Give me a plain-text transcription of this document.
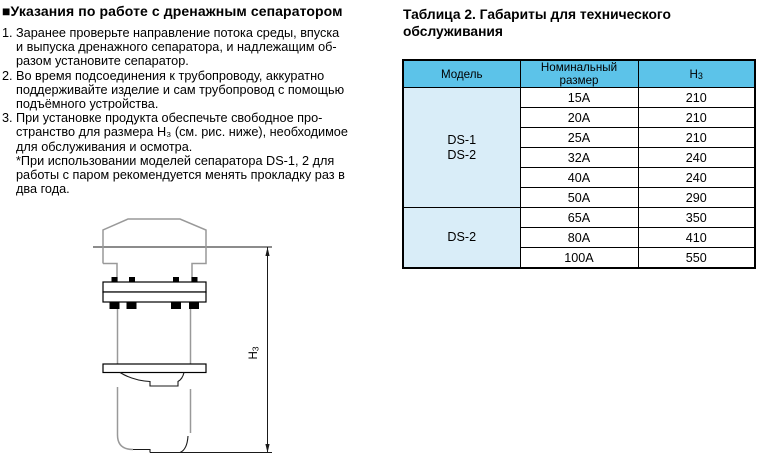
■Указания по работе с дренажным сепаратором
1. Заранее проверьте направление потока среды, впуска
и выпуска дренажного сепаратора, и надлежащим об-
разом установите сепаратор.
2. Во время подсоединения к трубопроводу, аккуратно
поддерживайте изделие и сам трубопровод с помощью
подъёмного устройства.
3. При установке продукта обеспечьте свободное про-
странство для размера Н₃ (см. рис. ниже), необходимое
для обслуживания и осмотра.
*При использовании моделей сепаратора DS-1, 2 для
работы с паром рекомендуется менять прокладку раз в
два года.
Н3
Таблица 2. Габариты для технического обслуживания
Модель	Номинальный размер	Н3

DS-1
DS-2	15A	210
	20A	210
	25A	210
	32A	240
	40A	240
	50A	290

DS-2	65A	350
	80A	410
	100A	550
